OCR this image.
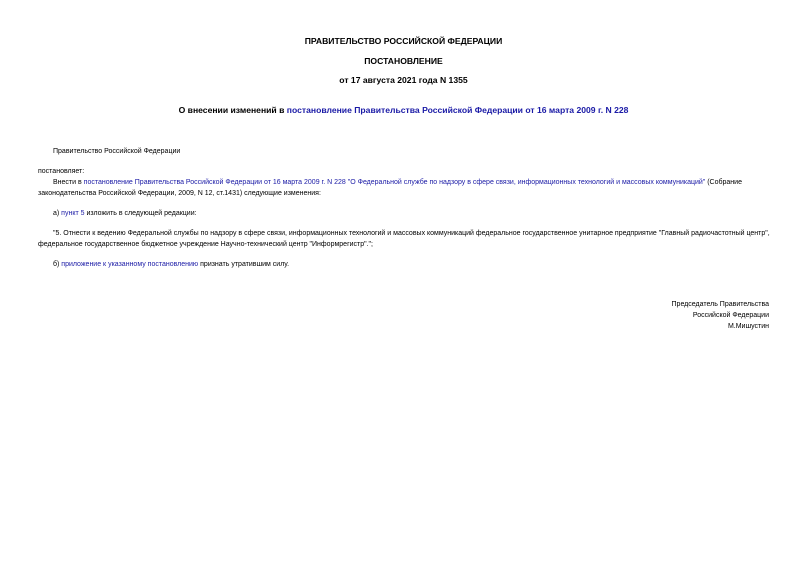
ПРАВИТЕЛЬСТВО РОССИЙСКОЙ ФЕДЕРАЦИИ
ПОСТАНОВЛЕНИЕ
от 17 августа 2021 года N 1355
О внесении изменений в постановление Правительства Российской Федерации от 16 марта 2009 г. N 228
Правительство Российской Федерации
постановляет:
Внести в постановление Правительства Российской Федерации от 16 марта 2009 г. N 228 "О Федеральной службе по надзору в сфере связи, информационных технологий и массовых коммуникаций" (Собрание законодательства Российской Федерации, 2009, N 12, ст.1431) следующие изменения:
а) пункт 5 изложить в следующей редакции:
"5. Отнести к ведению Федеральной службы по надзору в сфере связи, информационных технологий и массовых коммуникаций федеральное государственное унитарное предприятие "Главный радиочастотный центр", федеральное государственное бюджетное учреждение Научно-технический центр "Информрегистр".";
б) приложение к указанному постановлению признать утратившим силу.
Председатель Правительства
Российской Федерации
М.Мишустин
